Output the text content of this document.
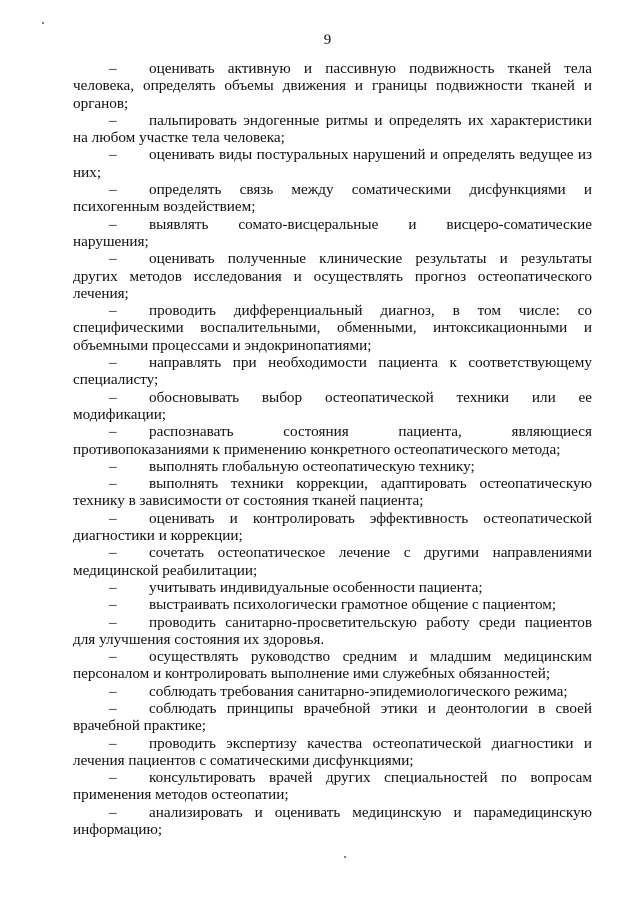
9
– оценивать активную и пассивную подвижность тканей тела человека, определять объемы движения и границы подвижности тканей и органов;
– пальпировать эндогенные ритмы и определять их характеристики на любом участке тела человека;
– оценивать виды постуральных нарушений и определять ведущее из них;
– определять связь между соматическими дисфункциями и психогенным воздействием;
– выявлять сомато-висцеральные и висцеро-соматические нарушения;
– оценивать полученные клинические результаты и результаты других методов исследования и осуществлять прогноз остеопатического лечения;
– проводить дифференциальный диагноз, в том числе: со специфическими воспалительными, обменными, интоксикационными и объемными процессами и эндокринопатиями;
– направлять при необходимости пациента к соответствующему специалисту;
– обосновывать выбор остеопатической техники или ее модификации;
– распознавать состояния пациента, являющиеся противопоказаниями к применению конкретного остеопатического метода;
– выполнять глобальную остеопатическую технику;
– выполнять техники коррекции, адаптировать остеопатическую технику в зависимости от состояния тканей пациента;
– оценивать и контролировать эффективность остеопатической диагностики и коррекции;
– сочетать остеопатическое лечение с другими направлениями медицинской реабилитации;
– учитывать индивидуальные особенности пациента;
– выстраивать психологически грамотное общение с пациентом;
– проводить санитарно-просветительскую работу среди пациентов для улучшения состояния их здоровья.
– осуществлять руководство средним и младшим медицинским персоналом и контролировать выполнение ими служебных обязанностей;
– соблюдать требования санитарно-эпидемиологического режима;
– соблюдать принципы врачебной этики и деонтологии в своей врачебной практике;
– проводить экспертизу качества остеопатической диагностики и лечения пациентов с соматическими дисфункциями;
– консультировать врачей других специальностей по вопросам применения методов остеопатии;
– анализировать и оценивать медицинскую и парамедицинскую информацию;
